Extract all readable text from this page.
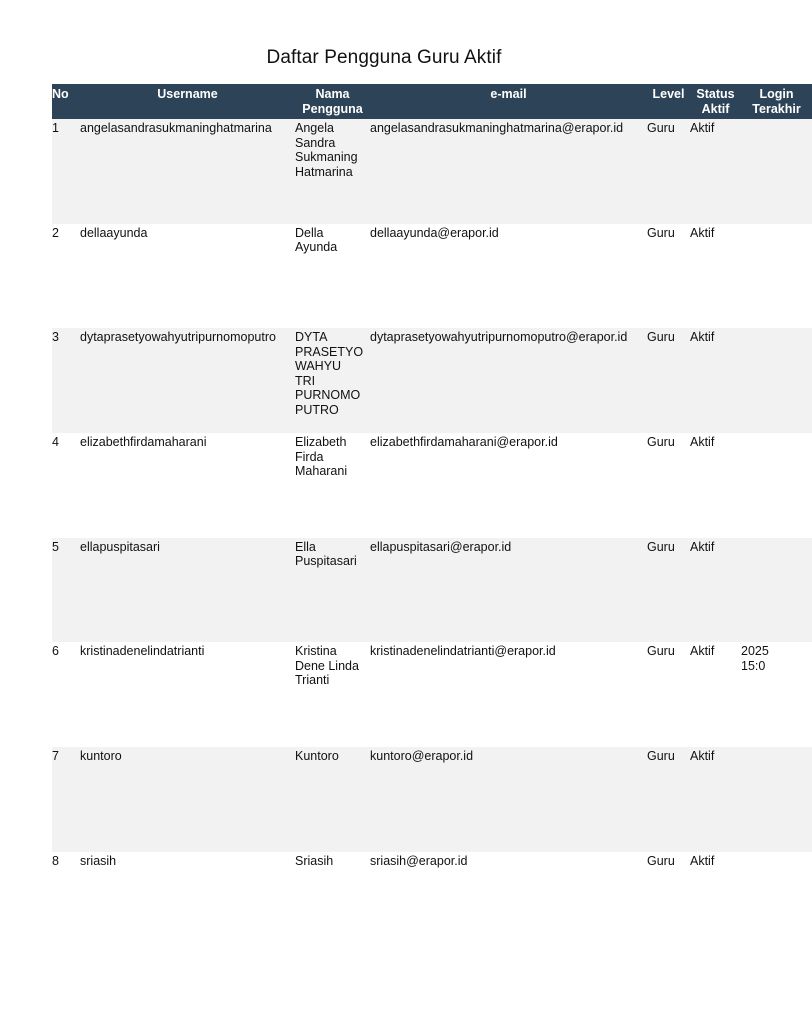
Daftar Pengguna Guru Aktif
No	Username	Nama Pengguna	e-mail	Level	Status Aktif	Login Terakhir
1	angelasandrasukmaninghatmarina	Angela Sandra Sukmaning Hatmarina	angelasandrasukmaninghatmarina@erapor.id	Guru	Aktif	
2	dellaayunda	Della Ayunda	dellaayunda@erapor.id	Guru	Aktif	
3	dytaprasetyowahyutripurnomoputro	DYTA PRASETYO WAHYU TRI PURNOMO PUTRO	dytaprasetyowahyutripurnomoputro@erapor.id	Guru	Aktif	
4	elizabethfirdamaharani	Elizabeth Firda Maharani	elizabethfirdamaharani@erapor.id	Guru	Aktif	
5	ellapuspitasari	Ella Puspitasari	ellapuspitasari@erapor.id	Guru	Aktif	
6	kristinadenelindatrianti	Kristina Dene Linda Trianti	kristinadenelindatrianti@erapor.id	Guru	Aktif	2025
15:0
7	kuntoro	Kuntoro	kuntoro@erapor.id	Guru	Aktif	
8	sriasih	Sriasih	sriasih@erapor.id	Guru	Aktif	
